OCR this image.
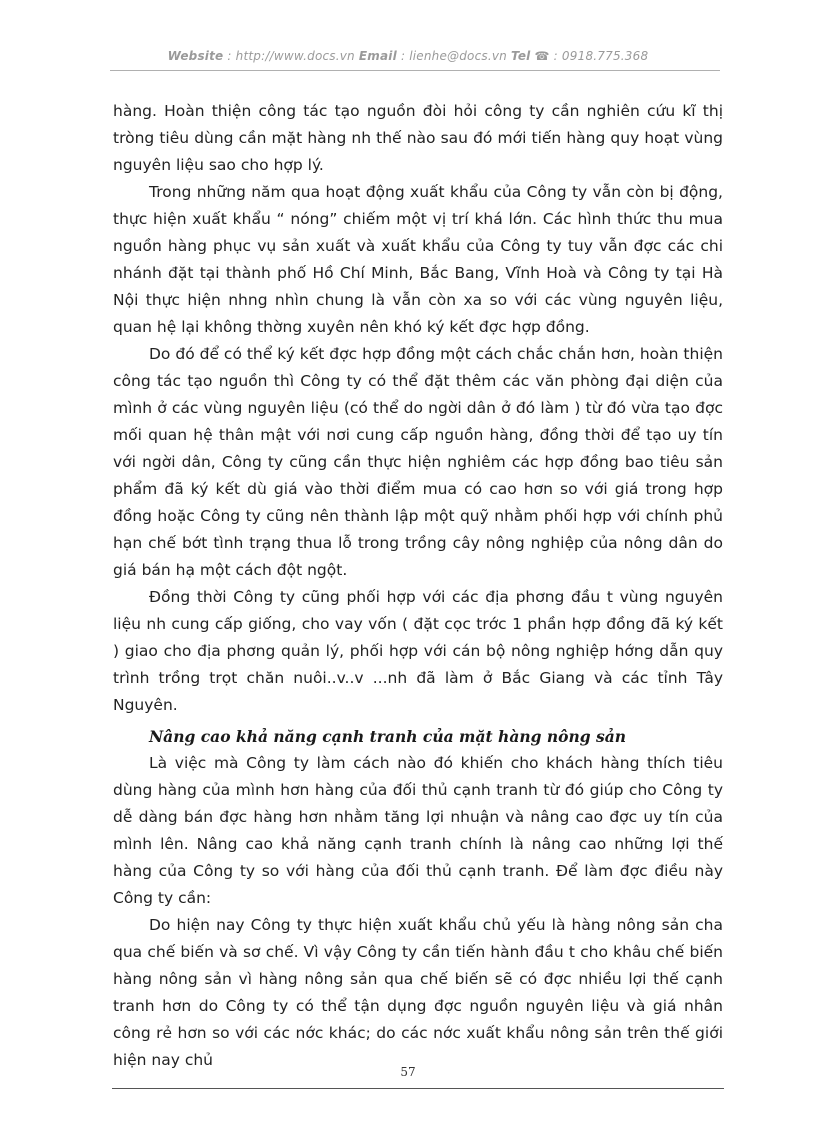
Website : http://www.docs.vn Email : lienhe@docs.vn Tel ☎ : 0918.775.368

hàng. Hoàn thiện công tác tạo nguồn đòi hỏi công ty cần nghiên cứu kĩ thị tròng tiêu dùng cần mặt hàng nh thế nào sau đó mới tiến hàng quy hoạt vùng nguyên liệu sao cho hợp lý.

Trong những năm qua hoạt động xuất khẩu của Công ty vẫn còn bị động, thực hiện xuất khẩu “ nóng” chiếm một vị trí khá lớn. Các hình thức thu mua nguồn hàng phục vụ sản xuất và xuất khẩu của Công ty tuy vẫn đợc các chi nhánh đặt tại thành phố Hồ Chí Minh, Bắc Bang, Vĩnh Hoà và Công ty tại Hà Nội thực hiện nhng nhìn chung là vẫn còn xa so với các vùng nguyên liệu, quan hệ lại không thờng xuyên nên khó ký kết đợc hợp đồng.

Do đó để có thể ký kết đợc hợp đồng một cách chắc chắn hơn, hoàn thiện công tác tạo nguồn thì Công ty có thể đặt thêm các văn phòng đại diện của mình ở các vùng nguyên liệu (có thể do ngời dân ở đó làm ) từ đó vừa tạo đợc mối quan hệ thân mật với nơi cung cấp nguồn hàng, đồng thời để tạo uy tín với ngời dân, Công ty cũng cần thực hiện nghiêm các hợp đồng bao tiêu sản phẩm đã ký kết dù giá vào thời điểm mua có cao hơn so với giá trong hợp đồng hoặc Công ty cũng nên thành lập một quỹ nhằm phối hợp với chính phủ hạn chế bớt tình trạng thua lỗ trong trồng cây nông nghiệp của nông dân do giá bán hạ một cách đột ngột.

Đồng thời Công ty cũng phối hợp với các địa phơng đầu t vùng nguyên liệu nh cung cấp giống, cho vay vốn ( đặt cọc trớc 1 phần hợp đồng đã ký kết ) giao cho địa phơng quản lý, phối hợp với cán bộ nông nghiệp hớng dẫn quy trình trồng trọt chăn nuôi..v..v ...nh đã làm ở Bắc Giang và các tỉnh Tây Nguyên.

Nâng cao khả năng cạnh tranh của mặt hàng nông sản

Là việc mà Công ty làm cách nào đó khiến cho khách hàng thích tiêu dùng hàng của mình hơn hàng của đối thủ cạnh tranh từ đó giúp cho Công ty dễ dàng bán đợc hàng hơn nhằm tăng lợi nhuận và nâng cao đợc uy tín của mình lên. Nâng cao khả năng cạnh tranh chính là nâng cao những lợi thế hàng của Công ty so với hàng của đối thủ cạnh tranh. Để làm đợc điều này Công ty cần:

Do hiện nay Công ty thực hiện xuất khẩu chủ yếu là hàng nông sản cha qua chế biến và sơ chế. Vì vậy Công ty cần tiến hành đầu t cho khâu chế biến hàng nông sản vì hàng nông sản qua chế biến sẽ có đợc nhiều lợi thế cạnh tranh hơn do Công ty có thể tận dụng đợc nguồn nguyên liệu và giá nhân công rẻ hơn so với các nớc khác; do các nớc xuất khẩu nông sản trên thế giới hiện nay chủ

57
